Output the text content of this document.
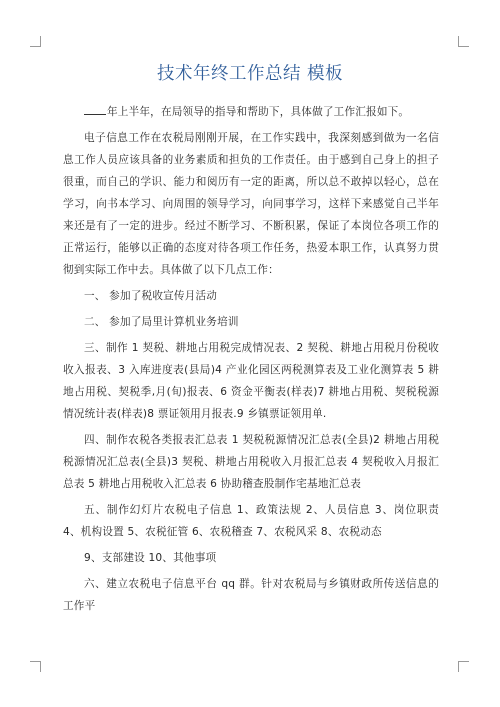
技术年终工作总结 模板

年上半年，在局领导的指导和帮助下，具体做了工作汇报如下。

电子信息工作在农税局刚刚开展，在工作实践中，我深刻感到做为一名信息工作人员应该具备的业务素质和担负的工作责任。由于感到自己身上的担子很重，而自己的学识、能力和阅历有一定的距离，所以总不敢掉以轻心，总在学习，向书本学习、向周围的领导学习，向同事学习，这样下来感觉自己半年来还是有了一定的进步。经过不断学习、不断积累，保证了本岗位各项工作的正常运行，能够以正确的态度对待各项工作任务，热爱本职工作，认真努力贯彻到实际工作中去。具体做了以下几点工作：

一、 参加了税收宣传月活动

二、 参加了局里计算机业务培训

三、制作 1 契税、耕地占用税完成情况表、2 契税、耕地占用税月份税收收入报表、3 入库进度表(县局)4 产业化园区两税测算表及工业化测算表 5 耕地占用税、契税季,月(旬)报表、6 资金平衡表(样表)7 耕地占用税、契税税源情况统计表(样表)8 票证领用月报表.9 乡镇票证领用单.

四、制作农税各类报表汇总表 1 契税税源情况汇总表(全县)2 耕地占用税税源情况汇总表(全县)3 契税、耕地占用税收入月报汇总表 4 契税收入月报汇总表 5 耕地占用税收入汇总表 6 协助稽查股制作宅基地汇总表

五、制作幻灯片农税电子信息 1、政策法规 2、人员信息 3、岗位职责 4、机构设置 5、农税征管 6、农税稽查 7、农税风采 8、农税动态

9、支部建设 10、其他事项

六、建立农税电子信息平台 qq 群。针对农税局与乡镇财政所传送信息的工作平
